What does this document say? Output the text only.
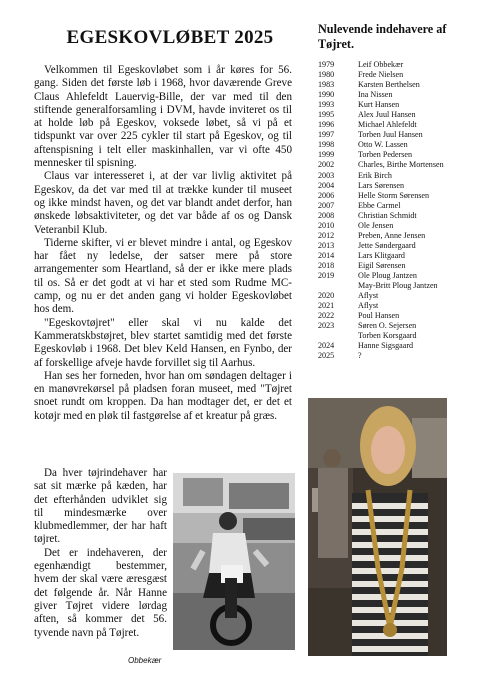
EGESKOVLØBET 2025

Velkommen til Egeskovløbet som i år køres for 56. gang. Siden det første løb i 1968, hvor daværende Greve Claus Ahlefeldt Lauervig-Bille, der var med til den stiftende generalforsamling i DVM, havde inviteret os til at holde løb på Egeskov, voksede løbet, så vi på et tidspunkt var over 225 cykler til start på Egeskov, og til aftenspisning i telt eller maskinhallen, var vi ofte 450 mennesker til spisning.

Claus var interesseret i, at der var livlig aktivitet på Egeskov, da det var med til at trække kunder til museet og ikke mindst haven, og det var blandt andet derfor, han ønskede løbsaktiviteter, og det var både af os og Dansk Veteranbil Klub.

Tiderne skifter, vi er blevet mindre i antal, og Egeskov har fået ny ledelse, der satser mere på store arrangementer som Heartland, så der er ikke mere plads til os. Så er det godt at vi har et sted som Rudme MC-camp, og nu er det anden gang vi holder Egeskovløbet hos dem.

"Egeskovtøjret" eller skal vi nu kalde det Kammeratskbstøjret, blev startet samtidig med det første Egeskovløb i 1968. Det blev Keld Hansen, en Fynbo, der af forskellige afveje havde forvillet sig til Aarhus.

Han ses her forneden, hvor han om søndagen deltager i en manøvrekørsel på pladsen foran museet, med "Tøjret snoet rundt om kroppen. Da han modtager det, er det et kotøjr med en pløk til fastgørelse af et kreatur på græs.

Da hver tøjrindehaver har sat sit mærke på kæden, har det efterhånden udviklet sig til mindesmærke over klubmedlemmer, der har haft tøjret.

Det er indehaveren, der egenhændigt bestemmer, hvem der skal være æresgæst det følgende år. Når Hanne giver Tøjret videre lørdag aften, så kommer det 56. tyvende navn på Tøjret.

Obbekær
Nulevende indehavere af Tøjret.
1979	Leif Obbekær
1980	Frede Nielsen
1983	Karsten Berthelsen
1990	Ina Nissen
1993	Kurt Hansen
1995	Alex Juul Hansen
1996	Michael Ahlefeldt
1997	Torben Juul Hansen
1998	Otto W. Lassen
1999	Torben Pedersen
2002	Charles, Birthe Mortensen
2003	Erik Birch
2004	Lars Sørensen
2006	Helle Storm Sørensen
2007	Ebbe Carmel
2008	Christian Schmidt
2010	Ole Jensen
2012	Preben, Anne Jensen
2013	Jette Søndergaard
2014	Lars Klitgaard
2018	Eigil Sørensen
2019	Ole Ploug Jantzen
May-Britt Ploug Jantzen
2020	Aflyst
2021	Aflyst
2022	Poul Hansen
2023	Søren O. Sejersen
Torben Korsgaard
2024	Hanne Sigsgaard
2025	?
